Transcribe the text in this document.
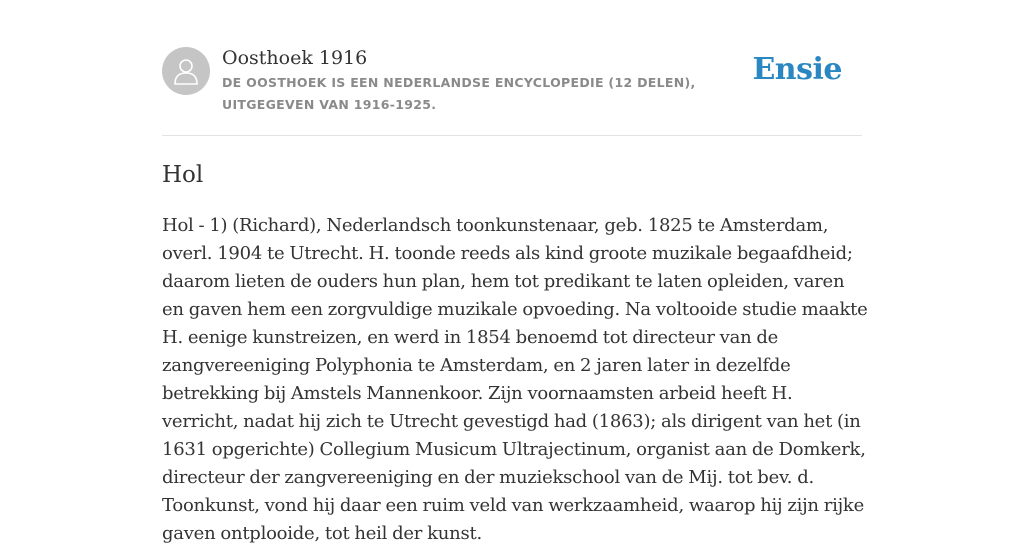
Oosthoek 1916
DE OOSTHOEK IS EEN NEDERLANDSE ENCYCLOPEDIE (12 DELEN), UITGEGEVEN VAN 1916-1925.
Ensie
Hol

Hol - 1) (Richard), Nederlandsch toonkunstenaar, geb. 1825 te Amsterdam, overl. 1904 te Utrecht. H. toonde reeds als kind groote muzikale begaafdheid; daarom lieten de ouders hun plan, hem tot predikant te laten opleiden, varen en gaven hem een zorgvuldige muzikale opvoeding. Na voltooide studie maakte H. eenige kunstreizen, en werd in 1854 benoemd tot directeur van de zangvereeniging Polyphonia te Amsterdam, en 2 jaren later in dezelfde betrekking bij Amstels Mannenkoor. Zijn voornaamsten arbeid heeft H. verricht, nadat hij zich te Utrecht gevestigd had (1863); als dirigent van het (in 1631 opgerichte) Collegium Musicum Ultrajectinum, organist aan de Domkerk, directeur der zangvereeniging en der muziekschool van de Mij. tot bev. d. Toonkunst, vond hij daar een ruim veld van werkzaamheid, waarop hij zijn rijke gaven ontplooide, tot heil der kunst.
